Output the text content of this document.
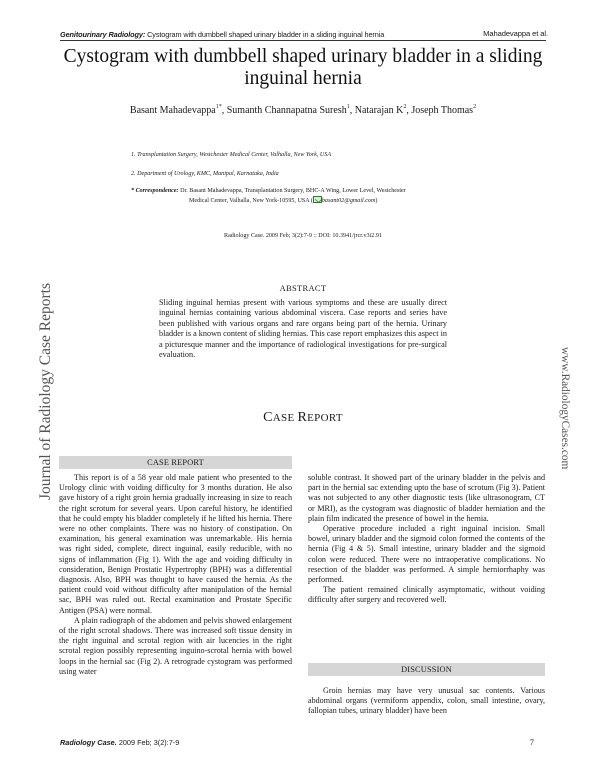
Genitourinary Radiology: Cystogram with dumbbell shaped urinary bladder in a sliding inguinal hernia	Mahadevappa et al.
Cystogram with dumbbell shaped urinary bladder in a sliding inguinal hernia
Basant Mahadevappa$^{1*}$, Sumanth Channapatna Suresh$^1$, Natarajan $K^2$, Joseph Thomas$^2$
1. Transplantation Surgery, Westchester Medical Center, Valhalla, New York, USA
2. Department of Urology, KMC, Manipal, Karnataka, India
* Correspondence: Dr. Basant Mahadevappa, Transplantation Surgery, BHC-A Wing, Lower Level, Westchester
Medical Center, Valhalla, New York-10595, USA ( basant02@gmail.com)
Radiology Case. 2009 Feb; 3(2):7-9 :: DOI: 10.3941/jrcr.v3i2.91
ABSTRACT
Sliding inguinal hernias present with various symptoms and these are usually direct inguinal hernias containing various abdominal viscera. Case reports and series have been published with various organs and rare organs being part of the hernia. Urinary bladder is a known content of sliding hernias. This case report emphasizes this aspect in a picturesque manner and the importance of radiological investigations for pre-surgical evaluation.
CASE REPORT
Journal of Radiology Case Reports	www.RadiologyCases.com
CASE REPORT

This report is of a 58 year old male patient who presented to the Urology clinic with voiding difficulty for 3 months duration. He also gave history of a right groin hernia gradually increasing in size to reach the right scrotum for several years. Upon careful history, he identified that he could empty his bladder completely if he lifted his hernia. There were no other complaints. There was no history of constipation. On examination, his general examination was unremarkable. His hernia was right sided, complete, direct inguinal, easily reducible, with no signs of inflammation (Fig 1). With the age and voiding difficulty in consideration, Benign Prostatic Hypertrophy (BPH) was a differential diagnosis. Also, BPH was thought to have caused the hernia. As the patient could void without difficulty after manipulation of the hernial sac, BPH was ruled out. Rectal examination and Prostate Specific Antigen (PSA) were normal.

A plain radiograph of the abdomen and pelvis showed enlargement of the right scrotal shadows. There was increased soft tissue density in the right inguinal and scrotal region with air lucencies in the right scrotal region possibly representing inguino-scrotal hernia with bowel loops in the hernial sac (Fig 2). A retrograde cystogram was performed using water

soluble contrast. It showed part of the urinary bladder in the pelvis and part in the hernial sac extending upto the base of scrotum (Fig 3). Patient was not subjected to any other diagnostic tests (like ultrasonogram, CT or MRI), as the cystogram was diagnostic of bladder herniation and the plain film indicated the presence of bowel in the hernia.

Operative procedure included a right inguinal incision. Small bowel, urinary bladder and the sigmoid colon formed the contents of the hernia (Fig 4 & 5). Small intestine, urinary bladder and the sigmoid colon were reduced. There were no intraoperative complications. No resection of the bladder was performed. A simple herniorrhaphy was performed.

The patient remained clinically asymptomatic, without voiding difficulty after surgery and recovered well.

DISCUSSION

Groin hernias may have very unusual sac contents. Various abdominal organs (vermiform appendix, colon, small intestine, ovary, fallopian tubes, urinary bladder) have been

Radiology Case. 2009 Feb; 3(2):7-9	7
